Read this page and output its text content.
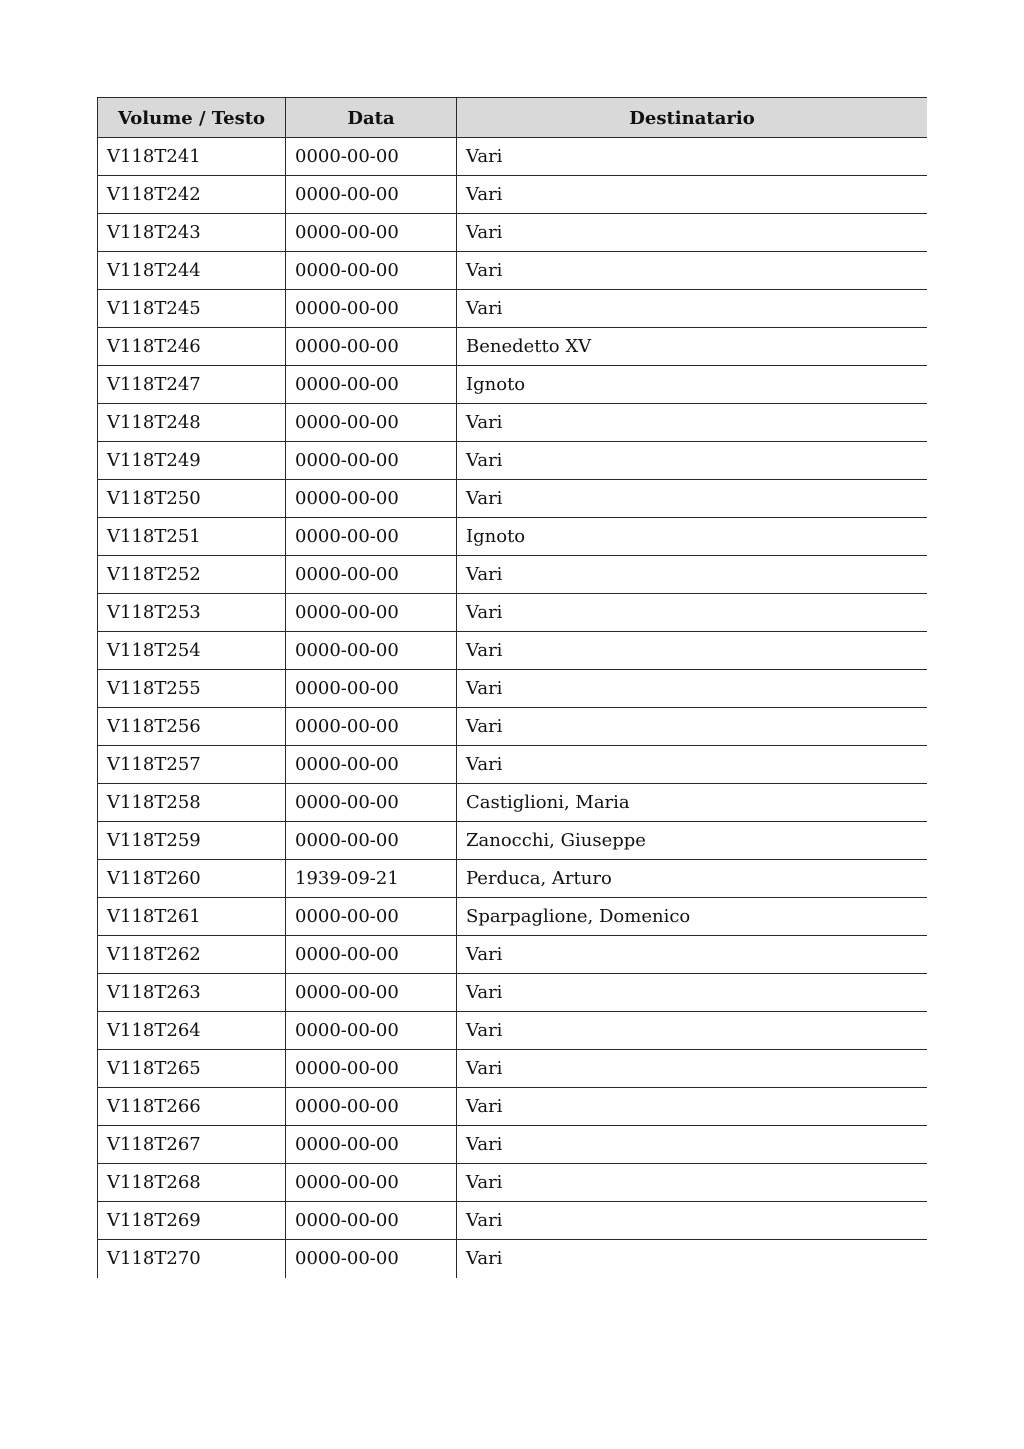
Volume / Testo	Data	Destinatario
V118T241	0000-00-00	Vari
V118T242	0000-00-00	Vari
V118T243	0000-00-00	Vari
V118T244	0000-00-00	Vari
V118T245	0000-00-00	Vari
V118T246	0000-00-00	Benedetto XV
V118T247	0000-00-00	Ignoto
V118T248	0000-00-00	Vari
V118T249	0000-00-00	Vari
V118T250	0000-00-00	Vari
V118T251	0000-00-00	Ignoto
V118T252	0000-00-00	Vari
V118T253	0000-00-00	Vari
V118T254	0000-00-00	Vari
V118T255	0000-00-00	Vari
V118T256	0000-00-00	Vari
V118T257	0000-00-00	Vari
V118T258	0000-00-00	Castiglioni, Maria
V118T259	0000-00-00	Zanocchi, Giuseppe
V118T260	1939-09-21	Perduca, Arturo
V118T261	0000-00-00	Sparpaglione, Domenico
V118T262	0000-00-00	Vari
V118T263	0000-00-00	Vari
V118T264	0000-00-00	Vari
V118T265	0000-00-00	Vari
V118T266	0000-00-00	Vari
V118T267	0000-00-00	Vari
V118T268	0000-00-00	Vari
V118T269	0000-00-00	Vari
V118T270	0000-00-00	Vari
